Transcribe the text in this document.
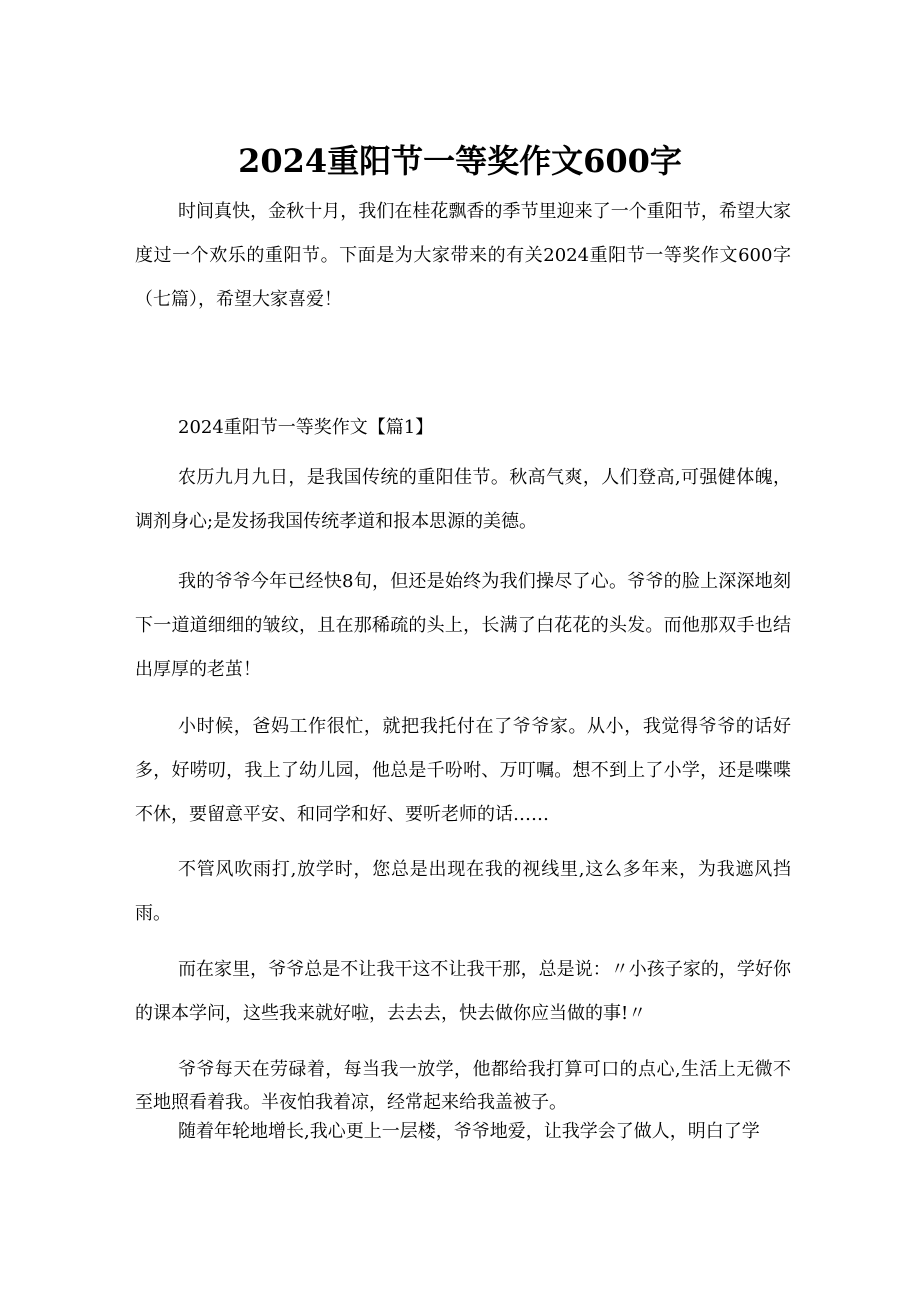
2024重阳节一等奖作文600字

时间真快，金秋十月，我们在桂花飘香的季节里迎来了一个重阳节，希望大家度过一个欢乐的重阳节。下面是为大家带来的有关2024重阳节一等奖作文600字（七篇），希望大家喜爱！

2024重阳节一等奖作文【篇1】

农历九月九日，是我国传统的重阳佳节。秋高气爽，人们登高,可强健体魄，调剂身心;是发扬我国传统孝道和报本思源的美德。

我的爷爷今年已经快8旬，但还是始终为我们操尽了心。爷爷的脸上深深地刻下一道道细细的皱纹，且在那稀疏的头上，长满了白花花的头发。而他那双手也结出厚厚的老茧！

小时候，爸妈工作很忙，就把我托付在了爷爷家。从小，我觉得爷爷的话好多，好唠叨，我上了幼儿园，他总是千吩咐、万叮嘱。想不到上了小学，还是喋喋不休，要留意平安、和同学和好、要听老师的话……

不管风吹雨打,放学时，您总是出现在我的视线里,这么多年来，为我遮风挡雨。

而在家里，爷爷总是不让我干这不让我干那，总是说：〃小孩子家的，学好你的课本学问，这些我来就好啦，去去去，快去做你应当做的事!〃

爷爷每天在劳碌着，每当我一放学，他都给我打算可口的点心,生活上无微不至地照看着我。半夜怕我着凉，经常起来给我盖被子。

随着年轮地增长,我心更上一层楼，爷爷地爱，让我学会了做人，明白了学
